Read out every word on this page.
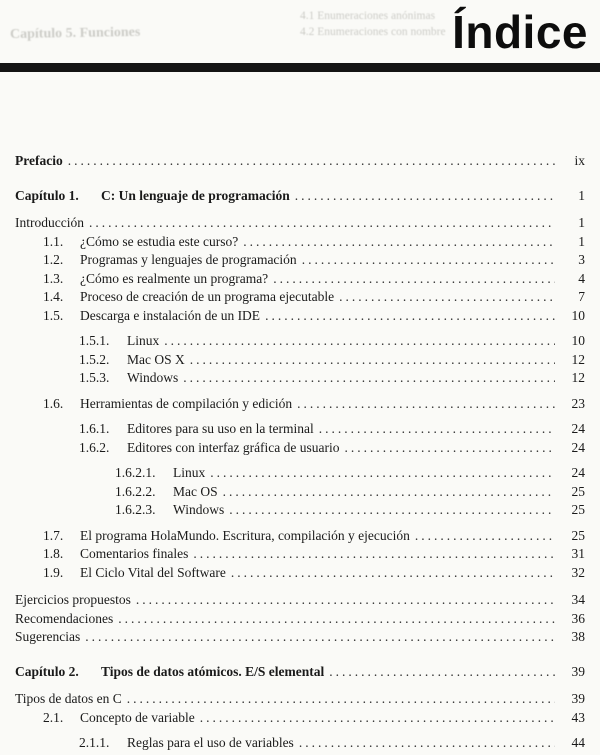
Capítulo 5. Funciones
4.1 Enumeraciones anónimas
4.2 Enumeraciones con nombre Índice
Prefacio .....	ix
Capítulo 1.	C: Un lenguaje de programación .....	1
Introducción .....	1
1.1.	¿Cómo se estudia este curso? .....	1
1.2.	Programas y lenguajes de programación .....	3
1.3.	¿Cómo es realmente un programa? .....	4
1.4.	Proceso de creación de un programa ejecutable .....	7
1.5.	Descarga e instalación de un IDE .....	10
1.5.1.	Linux .....	10
1.5.2.	Mac OS X .....	12
1.5.3.	Windows .....	12
1.6.	Herramientas de compilación y edición .....	23
1.6.1.	Editores para su uso en la terminal .....	24
1.6.2.	Editores con interfaz gráfica de usuario .....	24
1.6.2.1.	Linux .....	24
1.6.2.2.	Mac OS .....	25
1.6.2.3.	Windows .....	25
1.7.	El programa HolaMundo. Escritura, compilación y ejecución .....	25
1.8.	Comentarios finales .....	31
1.9.	El Ciclo Vital del Software .....	32
Ejercicios propuestos .....	34
Recomendaciones .....	36
Sugerencias .....	38
Capítulo 2.	Tipos de datos atómicos. E/S elemental .....	39
Tipos de datos en C .....	39
2.1.	Concepto de variable .....	43
2.1.1.	Reglas para el uso de variables .....	44
